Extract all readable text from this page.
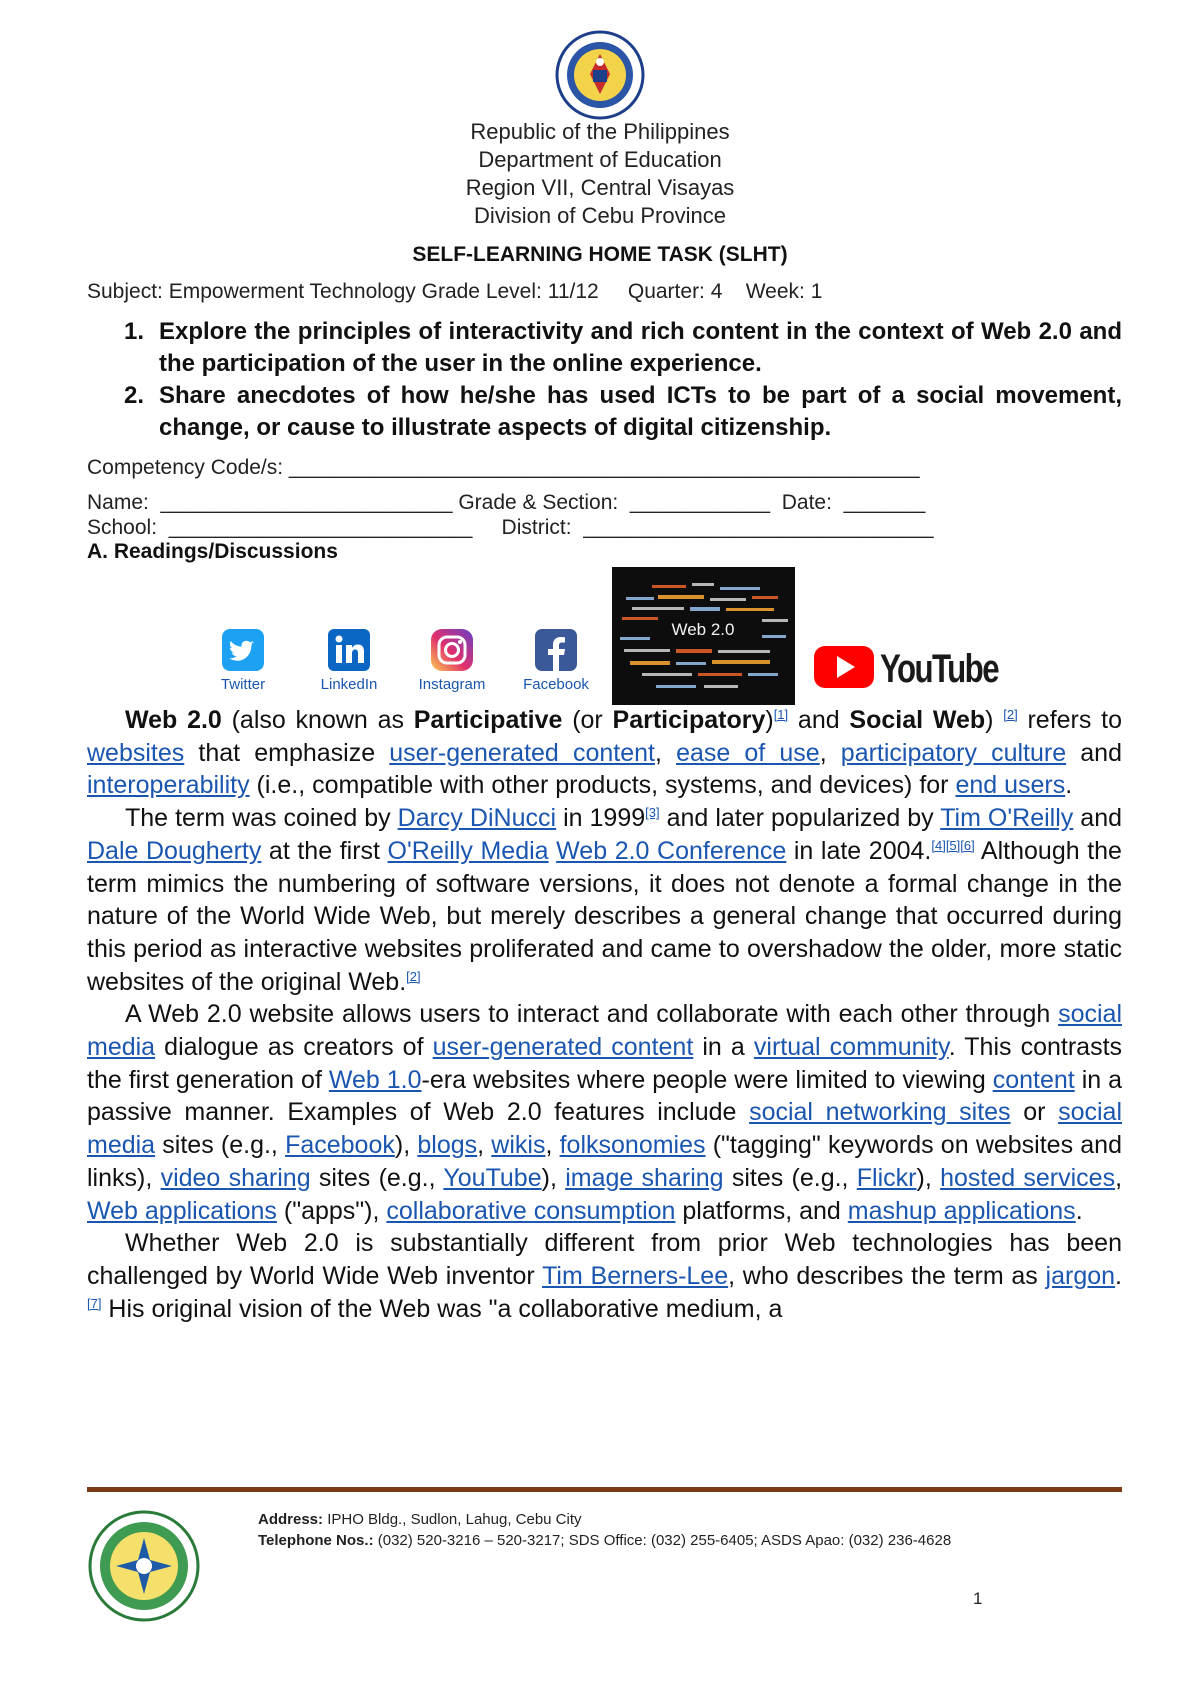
Republic of the Philippines
Department of Education
Region VII, Central Visayas
Division of Cebu Province
SELF-LEARNING HOME TASK (SLHT)
Subject: Empowerment Technology Grade Level: 11/12     Quarter: 4    Week: 1
1. Explore the principles of interactivity and rich content in the context of Web 2.0 and the participation of the user in the online experience.
2. Share anecdotes of how he/she has used ICTs to be part of a social movement, change, or cause to illustrate aspects of digital citizenship.
Competency Code/s: ______________________________________________________
Name:  _________________________ Grade & Section:  ____________  Date:  _______
School:  __________________________     District:  ______________________________
A. Readings/Discussions
Twitter	LinkedIn	Instagram	Facebook
Web 2.0
YouTube

Web 2.0 (also known as Participative (or Participatory)[1] and Social Web) [2] refers to websites that emphasize user-generated content, ease of use, participatory culture and interoperability (i.e., compatible with other products, systems, and devices) for end users.

The term was coined by Darcy DiNucci in 1999[3] and later popularized by Tim O'Reilly and Dale Dougherty at the first O'Reilly Media Web 2.0 Conference in late 2004.[4][5][6] Although the term mimics the numbering of software versions, it does not denote a formal change in the nature of the World Wide Web, but merely describes a general change that occurred during this period as interactive websites proliferated and came to overshadow the older, more static websites of the original Web.[2]

A Web 2.0 website allows users to interact and collaborate with each other through social media dialogue as creators of user-generated content in a virtual community. This contrasts the first generation of Web 1.0-era websites where people were limited to viewing content in a passive manner. Examples of Web 2.0 features include social networking sites or social media sites (e.g., Facebook), blogs, wikis, folksonomies ("tagging" keywords on websites and links), video sharing sites (e.g., YouTube), image sharing sites (e.g., Flickr), hosted services, Web applications ("apps"), collaborative consumption platforms, and mashup applications.

Whether Web 2.0 is substantially different from prior Web technologies has been challenged by World Wide Web inventor Tim Berners-Lee, who describes the term as jargon.[7] His original vision of the Web was "a collaborative medium, a

Address: IPHO Bldg., Sudlon, Lahug, Cebu City
Telephone Nos.: (032) 520-3216 – 520-3217; SDS Office: (032) 255-6405; ASDS Apao: (032) 236-4628
1
